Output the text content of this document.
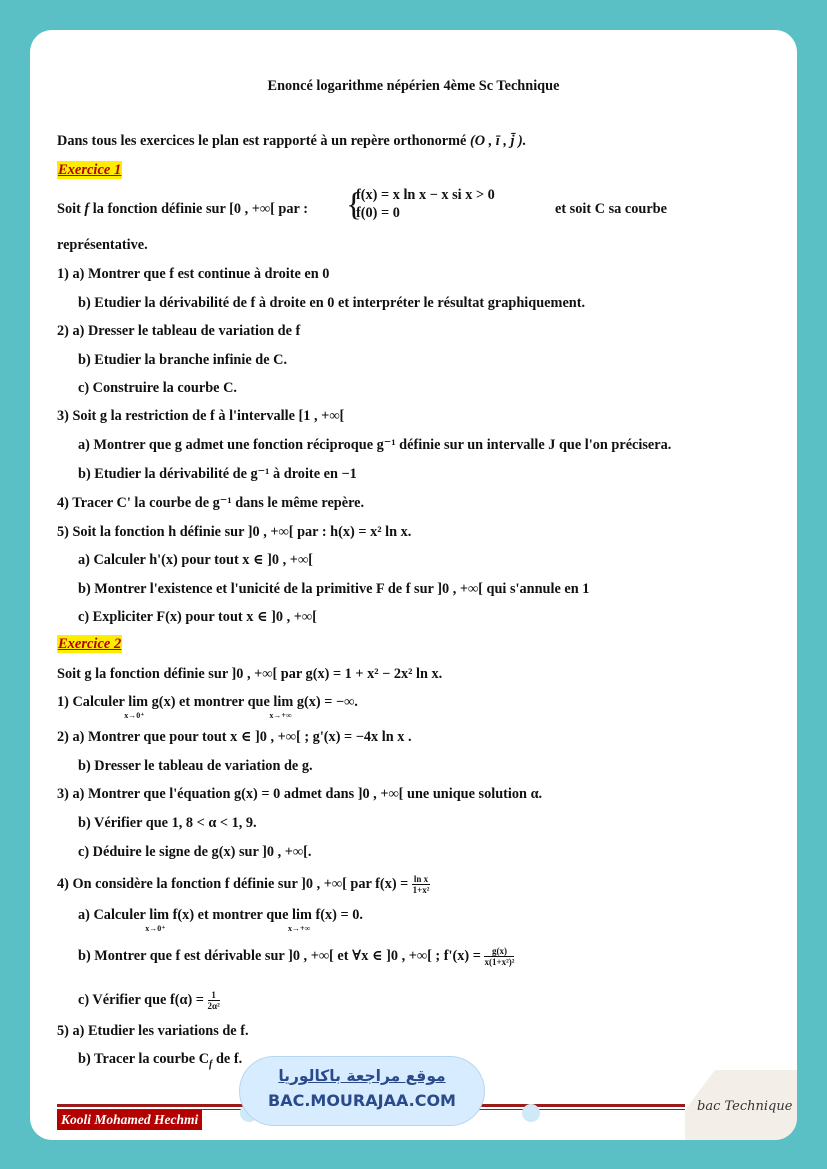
Enoncé logarithme népérien 4ème Sc Technique
Dans tous les exercices le plan est rapporté à un repère orthonormé (O , ī , j̄ ).
Exercice 1
Soit f la fonction définie sur [0 , +∞[ par : {
f(x) = x ln x − x si x > 0
f(0) = 0	et soit C sa courbe
représentative.
1) a) Montrer que f est continue à droite en 0
b) Etudier la dérivabilité de f à droite en 0 et interpréter le résultat graphiquement.
2) a) Dresser le tableau de variation de f
b) Etudier la branche infinie de C.
c) Construire la courbe C.
3) Soit g la restriction de f à l'intervalle [1 , +∞[
a) Montrer que g admet une fonction réciproque g⁻¹ définie sur un intervalle J que l'on précisera.
b) Etudier la dérivabilité de g⁻¹ à droite en −1
4) Tracer C' la courbe de g⁻¹ dans le même repère.
5) Soit la fonction h définie sur ]0 , +∞[ par : h(x) = x² ln x.
a) Calculer h'(x) pour tout x ∈ ]0 , +∞[
b) Montrer l'existence et l'unicité de la primitive F de f sur ]0 , +∞[ qui s'annule en 1
c) Expliciter F(x) pour tout x ∈ ]0 , +∞[
Exercice 2
Soit g la fonction définie sur ]0 , +∞[ par g(x) = 1 + x² − 2x² ln x.
1) Calculer lim
x→0⁺
g(x) et montrer que lim
x→+∞
g(x) = −∞.
2) a) Montrer que pour tout x ∈ ]0 , +∞[ ; g'(x) = −4x ln x .
b) Dresser le tableau de variation de g.
3) a) Montrer que l'équation g(x) = 0 admet dans ]0 , +∞[ une unique solution α.
b) Vérifier que 1, 8 < α < 1, 9.
c) Déduire le signe de g(x) sur ]0 , +∞[.
4) On considère la fonction f définie sur ]0 , +∞[ par $f(x) = \frac{\text{ln x}}{\text{1+x²}}$
a) Calculer lim
x→0⁺
f(x) et montrer que lim
x→+∞
f(x) = 0.
b) Montrer que f est dérivable sur ]0 , +∞[ et ∀x ∈ ]0 , +∞[ ; $f'(x) = \frac{g(x)}{\text{x(1+x²)²}}$
c) Vérifier que $f(\alpha) = \frac{1}{\text{2α²}}$
5) a) Etudier les variations de f.
b) Tracer la courbe $C_f$ de f.
Kooli Mohamed Hechmi
bac Technique
موقع مراجعة باكالوريا
BAC.MOURAJAA.COM
